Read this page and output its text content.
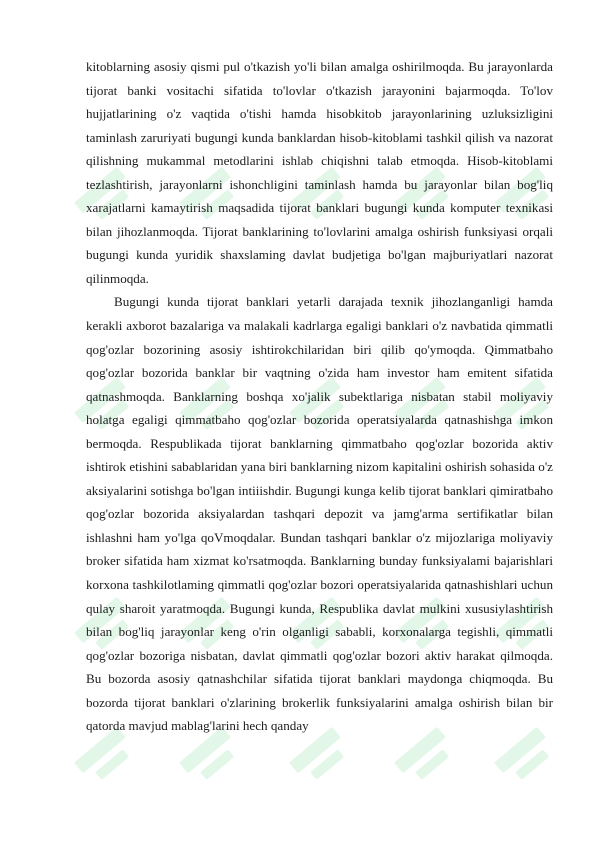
kitoblarning asosiy qismi pul o'tkazish yo'li bilan amalga oshirilmoqda. Bu jarayonlarda tijorat banki vositachi sifatida to'lovlar o'tkazish jarayonini bajarmoqda. To'lov hujjatlarining o'z vaqtida o'tishi hamda hisobkitob jarayonlarining uzluksizligini taminlash zaruriyati bugungi kunda banklardan hisob-kitoblami tashkil qilish va nazorat qilishning mukammal metodlarini ishlab chiqishni talab etmoqda. Hisob-kitoblami tezlashtirish, jarayonlarni ishonchligini taminlash hamda bu jarayonlar bilan bog'liq xarajatlarni kamaytirish maqsadida tijorat banklari bugungi kunda komputer texnikasi bilan jihozlanmoqda. Tijorat banklarining to'lovlarini amalga oshirish funksiyasi orqali bugungi kunda yuridik shaxslaming davlat budjetiga bo'lgan majburiyatlari nazorat qilinmoqda.

Bugungi kunda tijorat banklari yetarli darajada texnik jihozlanganligi hamda kerakli axborot bazalariga va malakali kadrlarga egaligi banklari o'z navbatida qimmatli qog'ozlar bozorining asosiy ishtirokchilaridan biri qilib qo'ymoqda. Qimmatbaho qog'ozlar bozorida banklar bir vaqtning o'zida ham investor ham emitent sifatida qatnashmoqda. Banklarning boshqa xo'jalik subektlariga nisbatan stabil moliyaviy holatga egaligi qimmatbaho qog'ozlar bozorida operatsiyalarda qatnashishga imkon bermoqda. Respublikada tijorat banklarning qimmatbaho qog'ozlar bozorida aktiv ishtirok etishini sabablaridan yana biri banklarning nizom kapitalini oshirish sohasida o'z aksiyalarini sotishga bo'lgan intiiishdir. Bugungi kunga kelib tijorat banklari qimiratbaho qog'ozlar bozorida aksiyalardan tashqari depozit va jamg'arma sertifikatlar bilan ishlashni ham yo'lga qoVmoqdalar. Bundan tashqari banklar o'z mijozlariga moliyaviy broker sifatida ham xizmat ko'rsatmoqda. Banklarning bunday funksiyalami bajarishlari korxona tashkilotlaming qimmatli qog'ozlar bozori operatsiyalarida qatnashishlari uchun qulay sharoit yaratmoqda. Bugungi kunda, Respublika davlat mulkini xususiylashtirish bilan bog'liq jarayonlar keng o'rin olganligi sababli, korxonalarga tegishli, qimmatli qog'ozlar bozoriga nisbatan, davlat qimmatli qog'ozlar bozori aktiv harakat qilmoqda. Bu bozorda asosiy qatnashchilar sifatida tijorat banklari maydonga chiqmoqda. Bu bozorda tijorat banklari o'zlarining brokerlik funksiyalarini amalga oshirish bilan bir qatorda mavjud mablag'larini hech qanday
